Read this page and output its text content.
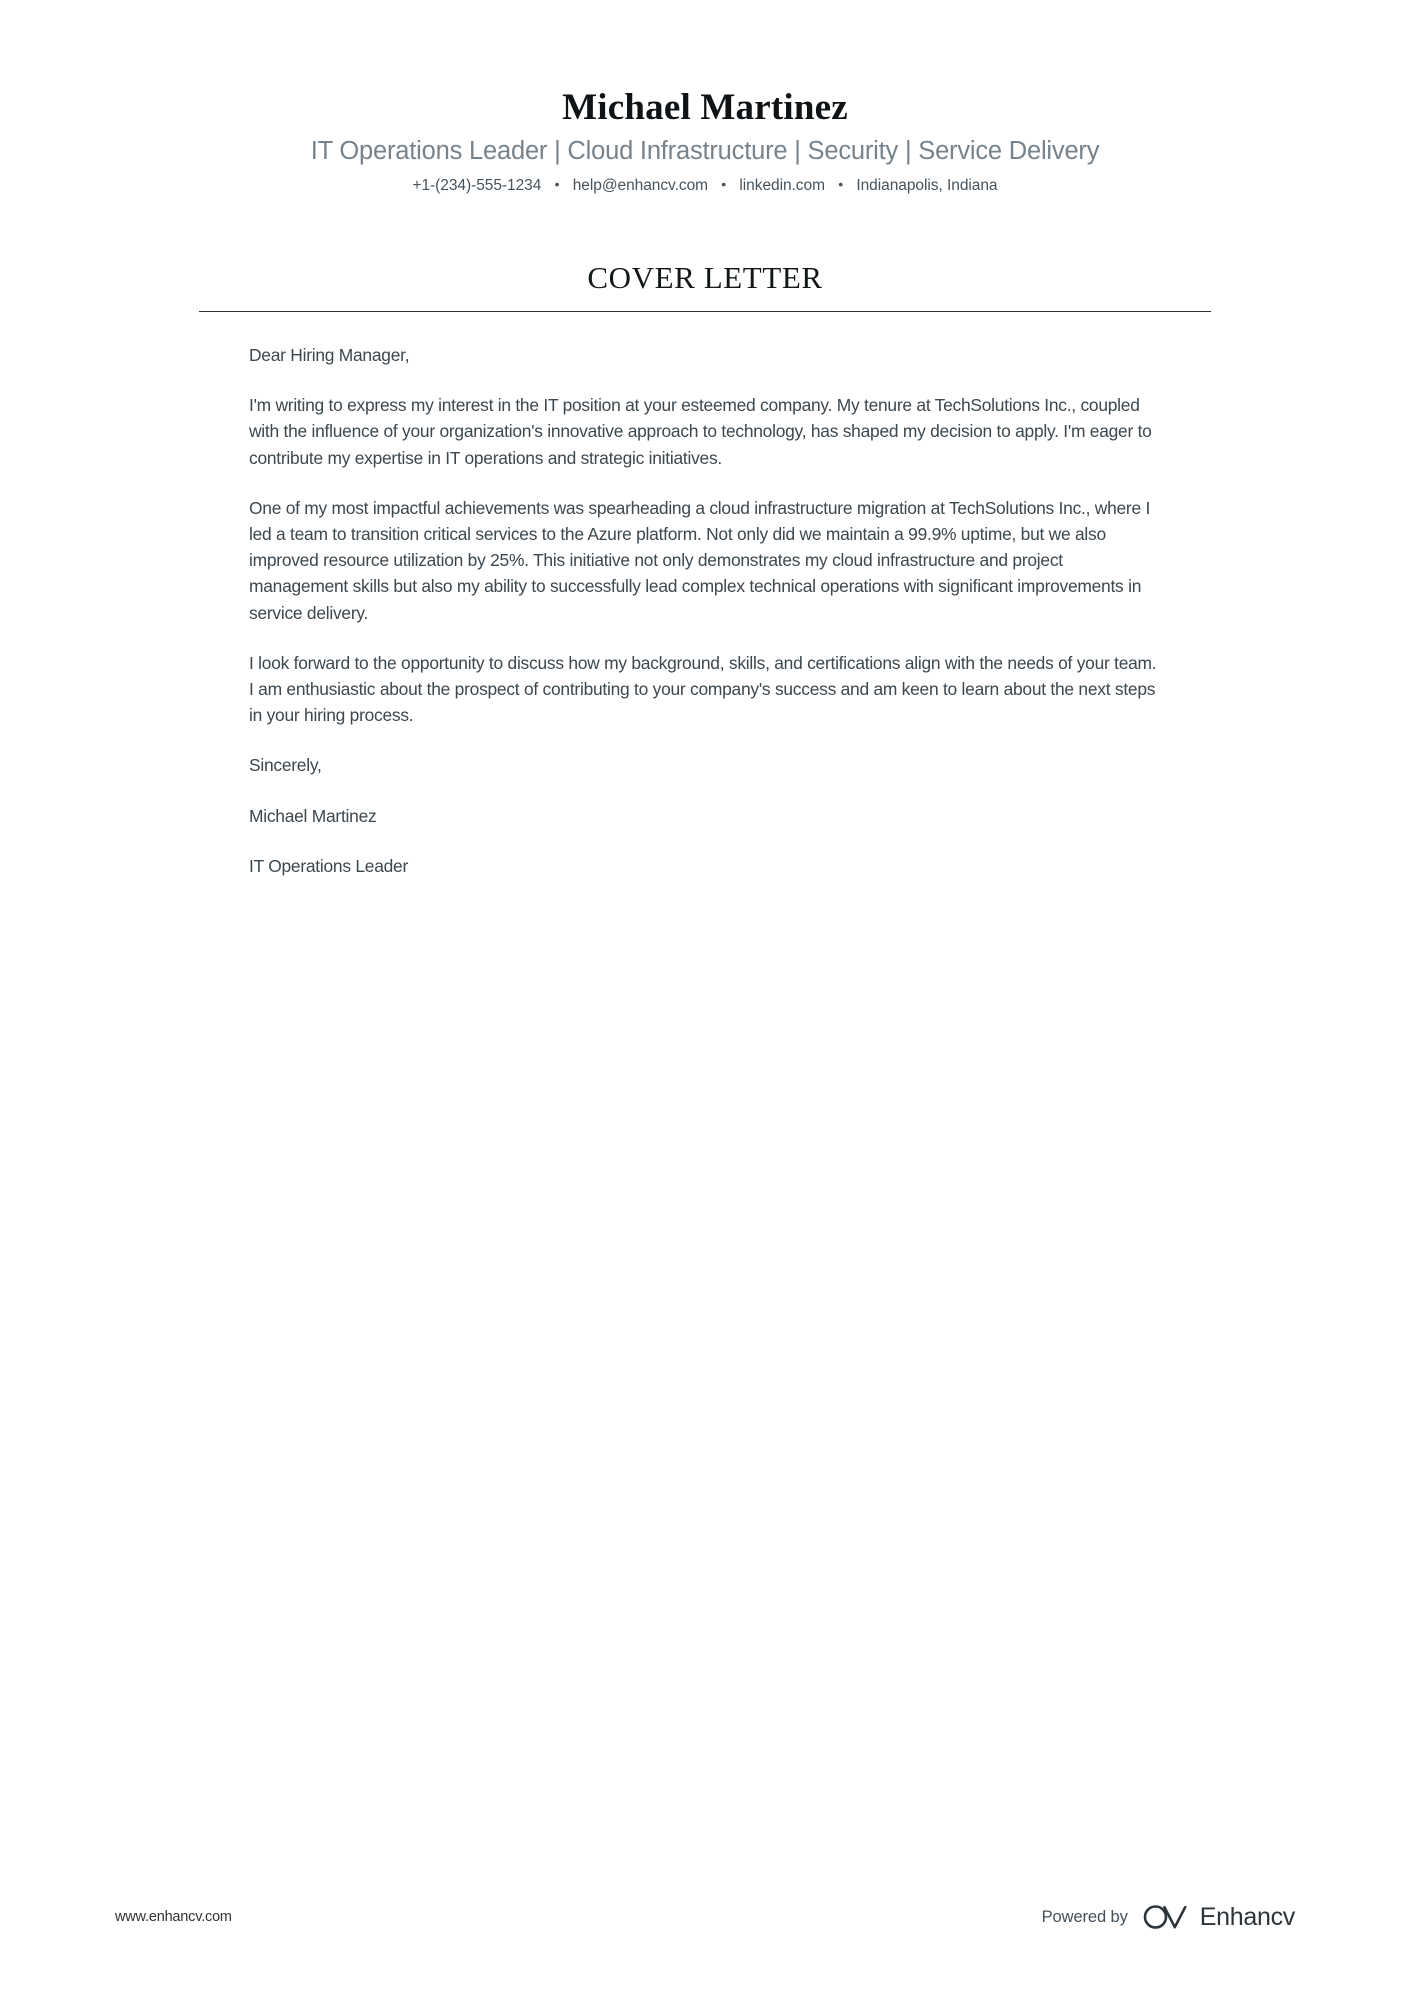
Michael Martinez
IT Operations Leader | Cloud Infrastructure | Security | Service Delivery
+1-(234)-555-1234 • help@enhancv.com • linkedin.com • Indianapolis, Indiana
COVER LETTER

Dear Hiring Manager,

I'm writing to express my interest in the IT position at your esteemed company. My tenure at TechSolutions Inc., coupled with the influence of your organization's innovative approach to technology, has shaped my decision to apply. I'm eager to contribute my expertise in IT operations and strategic initiatives.

One of my most impactful achievements was spearheading a cloud infrastructure migration at TechSolutions Inc., where I led a team to transition critical services to the Azure platform. Not only did we maintain a 99.9% uptime, but we also improved resource utilization by 25%. This initiative not only demonstrates my cloud infrastructure and project management skills but also my ability to successfully lead complex technical operations with significant improvements in service delivery.

I look forward to the opportunity to discuss how my background, skills, and certifications align with the needs of your team. I am enthusiastic about the prospect of contributing to your company's success and am keen to learn about the next steps in your hiring process.

Sincerely,

Michael Martinez

IT Operations Leader

www.enhancv.com	Powered by	Enhancv
